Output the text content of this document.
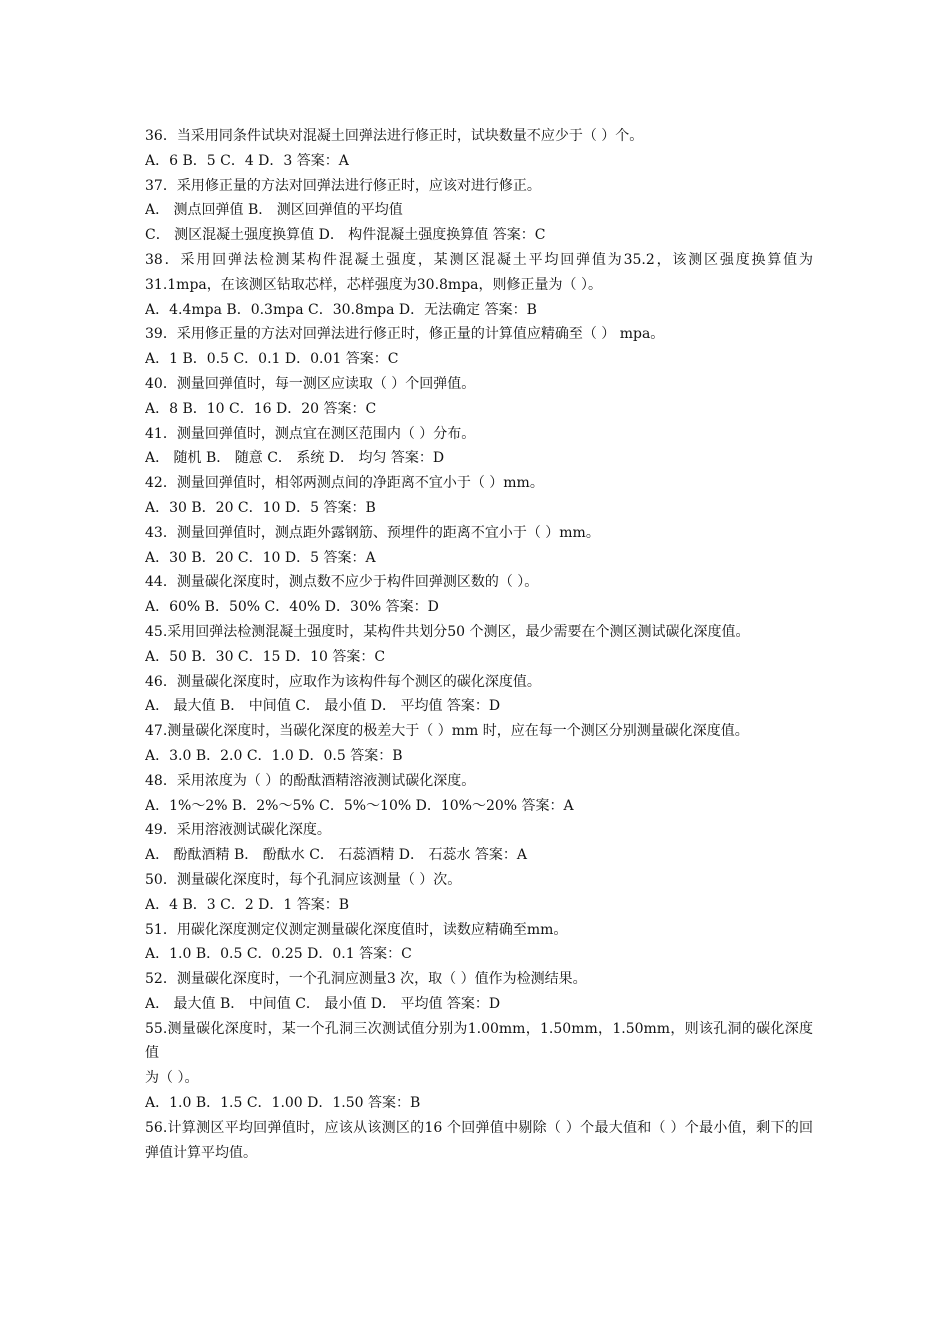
36．当采用同条件试块对混凝土回弹法进行修正时，试块数量不应少于（ ）个。
A．6 B．5 C．4 D．3 答案：A
37．采用修正量的方法对回弹法进行修正时，应该对进行修正。
A． 测点回弹值 B． 测区回弹值的平均值
C． 测区混凝土强度换算值 D． 构件混凝土强度换算值 答案：C
38．采用回弹法检测某构件混凝土强度，某测区混凝土平均回弹值为35.2，该测区强度换算值为31.1mpa，在该测区钻取芯样，芯样强度为30.8mpa，则修正量为（ ）。
A．4.4mpa B．0.3mpa C．30.8mpa D．无法确定 答案：B
39．采用修正量的方法对回弹法进行修正时，修正量的计算值应精确至（ ） mpa。
A．1 B．0.5 C．0.1 D．0.01 答案：C
40．测量回弹值时，每一测区应读取（ ）个回弹值。
A．8 B．10 C．16 D．20 答案：C
41．测量回弹值时，测点宜在测区范围内（ ）分布。
A． 随机 B． 随意 C． 系统 D． 均匀 答案：D
42．测量回弹值时，相邻两测点间的净距离不宜小于（ ）mm。
A．30 B．20 C．10 D．5 答案：B
43．测量回弹值时，测点距外露钢筋、预埋件的距离不宜小于（ ）mm。
A．30 B．20 C．10 D．5 答案：A
44．测量碳化深度时，测点数不应少于构件回弹测区数的（ ）。
A．60% B．50% C．40% D．30% 答案：D
45.采用回弹法检测混凝土强度时，某构件共划分50 个测区，最少需要在个测区测试碳化深度值。
A．50 B．30 C．15 D．10 答案：C
46．测量碳化深度时，应取作为该构件每个测区的碳化深度值。
A． 最大值 B． 中间值 C． 最小值 D． 平均值 答案：D
47.测量碳化深度时，当碳化深度的极差大于（ ）mm 时，应在每一个测区分别测量碳化深度值。
A．3.0 B．2.0 C．1.0 D．0.5 答案：B
48．采用浓度为（ ）的酚酞酒精溶液测试碳化深度。
A．1%～2% B．2%～5% C．5%～10% D．10%～20% 答案：A
49．采用溶液测试碳化深度。
A． 酚酞酒精 B． 酚酞水 C． 石蕊酒精 D． 石蕊水 答案：A
50．测量碳化深度时，每个孔洞应该测量（ ）次。
A．4 B．3 C．2 D．1 答案：B
51．用碳化深度测定仪测定测量碳化深度值时，读数应精确至mm。
A．1.0 B．0.5 C．0.25 D．0.1 答案：C
52．测量碳化深度时，一个孔洞应测量3 次，取（ ）值作为检测结果。
A． 最大值 B． 中间值 C． 最小值 D． 平均值 答案：D
55.测量碳化深度时，某一个孔洞三次测试值分别为1.00mm，1.50mm，1.50mm，则该孔洞的碳化深度值
为（ ）。
A．1.0 B．1.5 C．1.00 D．1.50 答案：B
56.计算测区平均回弹值时，应该从该测区的16 个回弹值中剔除（ ）个最大值和（ ）个最小值，剩下的回弹值计算平均值。
